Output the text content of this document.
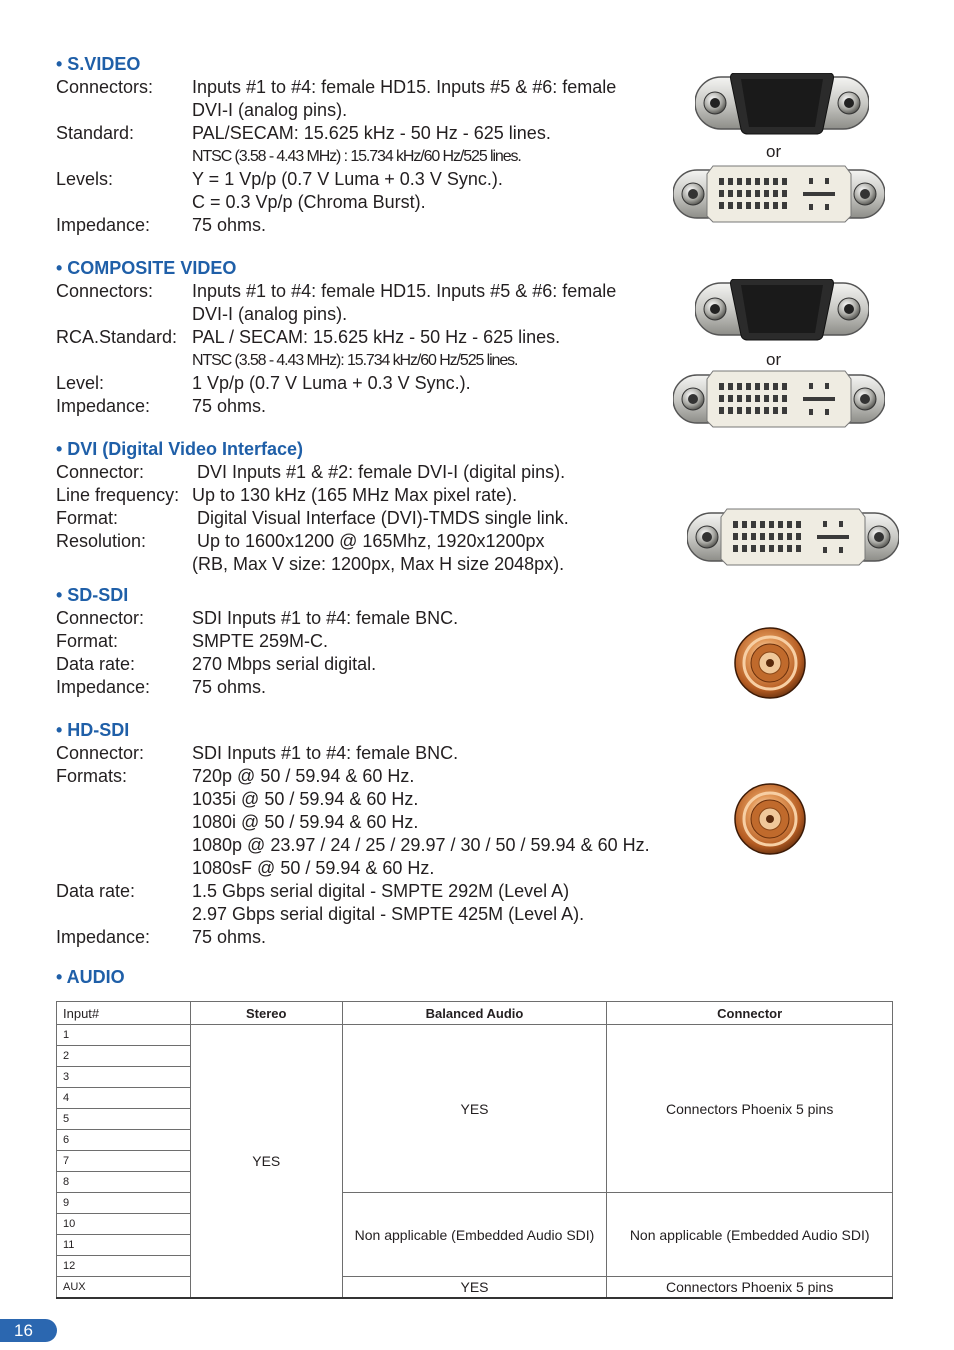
• S.VIDEO
Connectors: Inputs #1 to #4: female HD15. Inputs #5 & #6: female
DVI-I (analog pins).
Standard:	PAL/SECAM: 15.625 kHz - 50 Hz - 625 lines.
NTSC (3.58 - 4.43 MHz) : 15.734 kHz/60 Hz/525 lines.
Levels:	Y = 1 Vp/p (0.7 V Luma + 0.3 V Sync.).
C = 0.3 Vp/p (Chroma Burst).
Impedance: 75 ohms.
or
• COMPOSITE VIDEO
Connectors: Inputs #1 to #4: female HD15. Inputs #5 & #6: female
DVI-I (analog pins).
RCA.Standard: PAL / SECAM: 15.625 kHz - 50 Hz - 625 lines.
NTSC (3.58 - 4.43 MHz): 15.734 kHz/60 Hz/525 lines.
Level:	1 Vp/p (0.7 V Luma + 0.3 V Sync.).
Impedance: 75 ohms.
or
• DVI (Digital Video Interface)
Connector:	DVI Inputs #1 & #2: female DVI-I (digital pins).
Line frequency: Up to 130 kHz (165 MHz Max pixel rate).
Format:	Digital Visual Interface (DVI)-TMDS single link.
Resolution:	Up to 1600x1200 @ 165Mhz, 1920x1200px
(RB, Max V size: 1200px, Max H size 2048px).
• SD-SDI
Connector:	SDI Inputs #1 to #4: female BNC.
Format:	SMPTE 259M-C.
Data rate:	270 Mbps serial digital.
Impedance: 75 ohms.
• HD-SDI
Connector:	SDI Inputs #1 to #4: female BNC.
Formats:	720p @ 50 / 59.94 & 60 Hz.
1035i @ 50 / 59.94 & 60 Hz.
1080i @ 50 / 59.94 & 60 Hz.
1080p @ 23.97 / 24 / 25 / 29.97 / 30 / 50 / 59.94 & 60 Hz.
1080sF @ 50 / 59.94 & 60 Hz.
Data rate:	1.5 Gbps serial digital - SMPTE 292M (Level A)
2.97 Gbps serial digital - SMPTE 425M (Level A).
Impedance: 75 ohms.
• AUDIO
Input#	Stereo	Balanced Audio	Connector
1	YES	YES	Connectors Phoenix 5 pins
2			
3			
4			
5			
6			
7			
8			
9		Non applicable (Embedded Audio SDI)	Non applicable (Embedded Audio SDI)
10			
11			
12			
AUX		YES	Connectors Phoenix 5 pins
16
